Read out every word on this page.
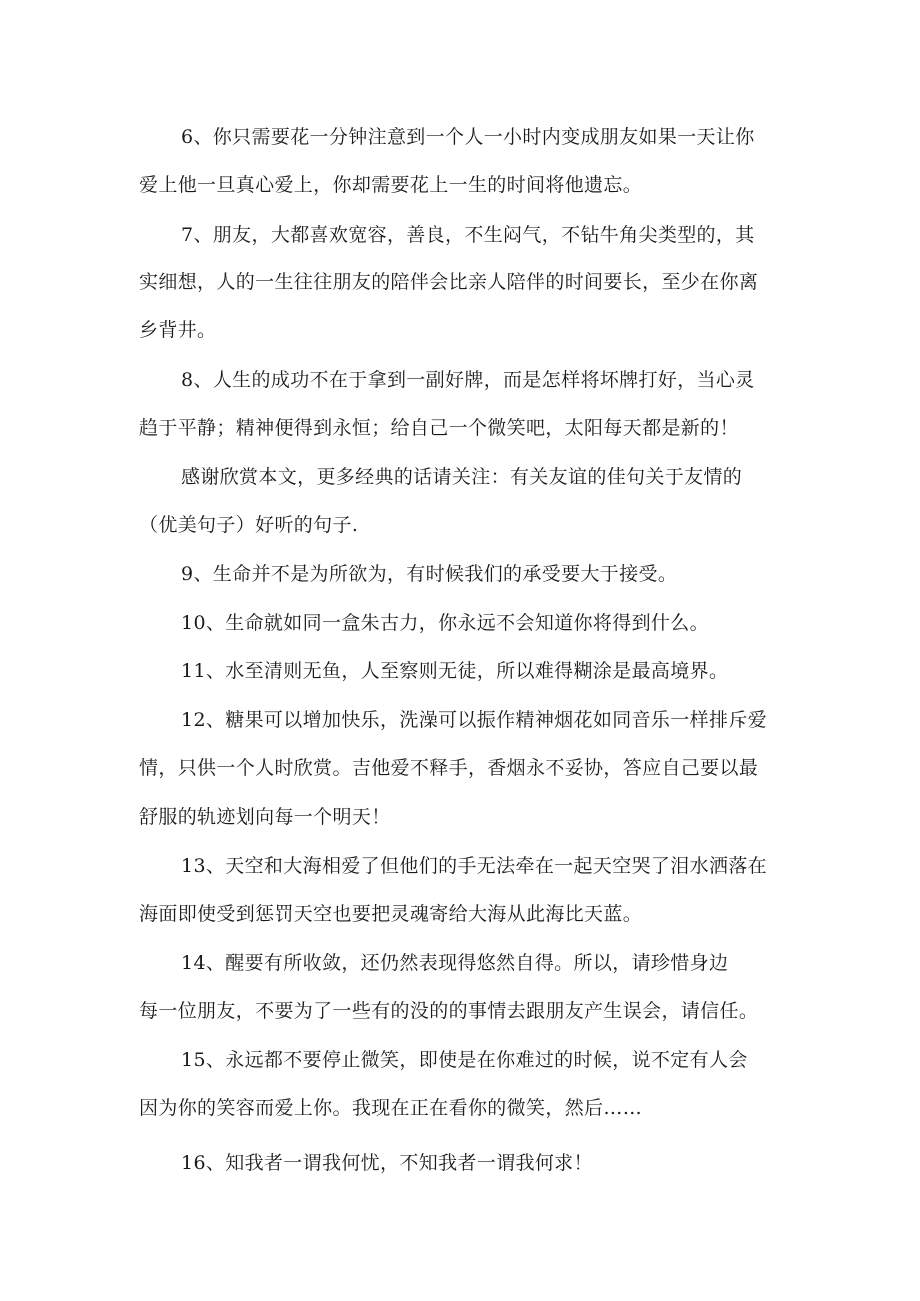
6、你只需要花一分钟注意到一个人一小时内变成朋友如果一天让你
爱上他一旦真心爱上，你却需要花上一生的时间将他遗忘。
7、朋友，大都喜欢宽容，善良，不生闷气，不钻牛角尖类型的，其
实细想，人的一生往往朋友的陪伴会比亲人陪伴的时间要长，至少在你离
乡背井。
8、人生的成功不在于拿到一副好牌，而是怎样将坏牌打好，当心灵
趋于平静；精神便得到永恒；给自己一个微笑吧，太阳每天都是新的！
感谢欣赏本文，更多经典的话请关注：有关友谊的佳句关于友情的
（优美句子）好听的句子.
9、生命并不是为所欲为，有时候我们的承受要大于接受。
10、生命就如同一盒朱古力，你永远不会知道你将得到什么。
11、水至清则无鱼，人至察则无徒，所以难得糊涂是最高境界。
12、糖果可以增加快乐，洗澡可以振作精神烟花如同音乐一样排斥爱
情，只供一个人时欣赏。吉他爱不释手，香烟永不妥协，答应自己要以最
舒服的轨迹划向每一个明天！
13、天空和大海相爱了但他们的手无法牵在一起天空哭了泪水洒落在
海面即使受到惩罚天空也要把灵魂寄给大海从此海比天蓝。
14、醒要有所收敛，还仍然表现得悠然自得。所以，请珍惜身边
每一位朋友，不要为了一些有的没的的事情去跟朋友产生误会，请信任。
15、永远都不要停止微笑，即使是在你难过的时候，说不定有人会
因为你的笑容而爱上你。我现在正在看你的微笑，然后……
16、知我者一谓我何忧，不知我者一谓我何求！
